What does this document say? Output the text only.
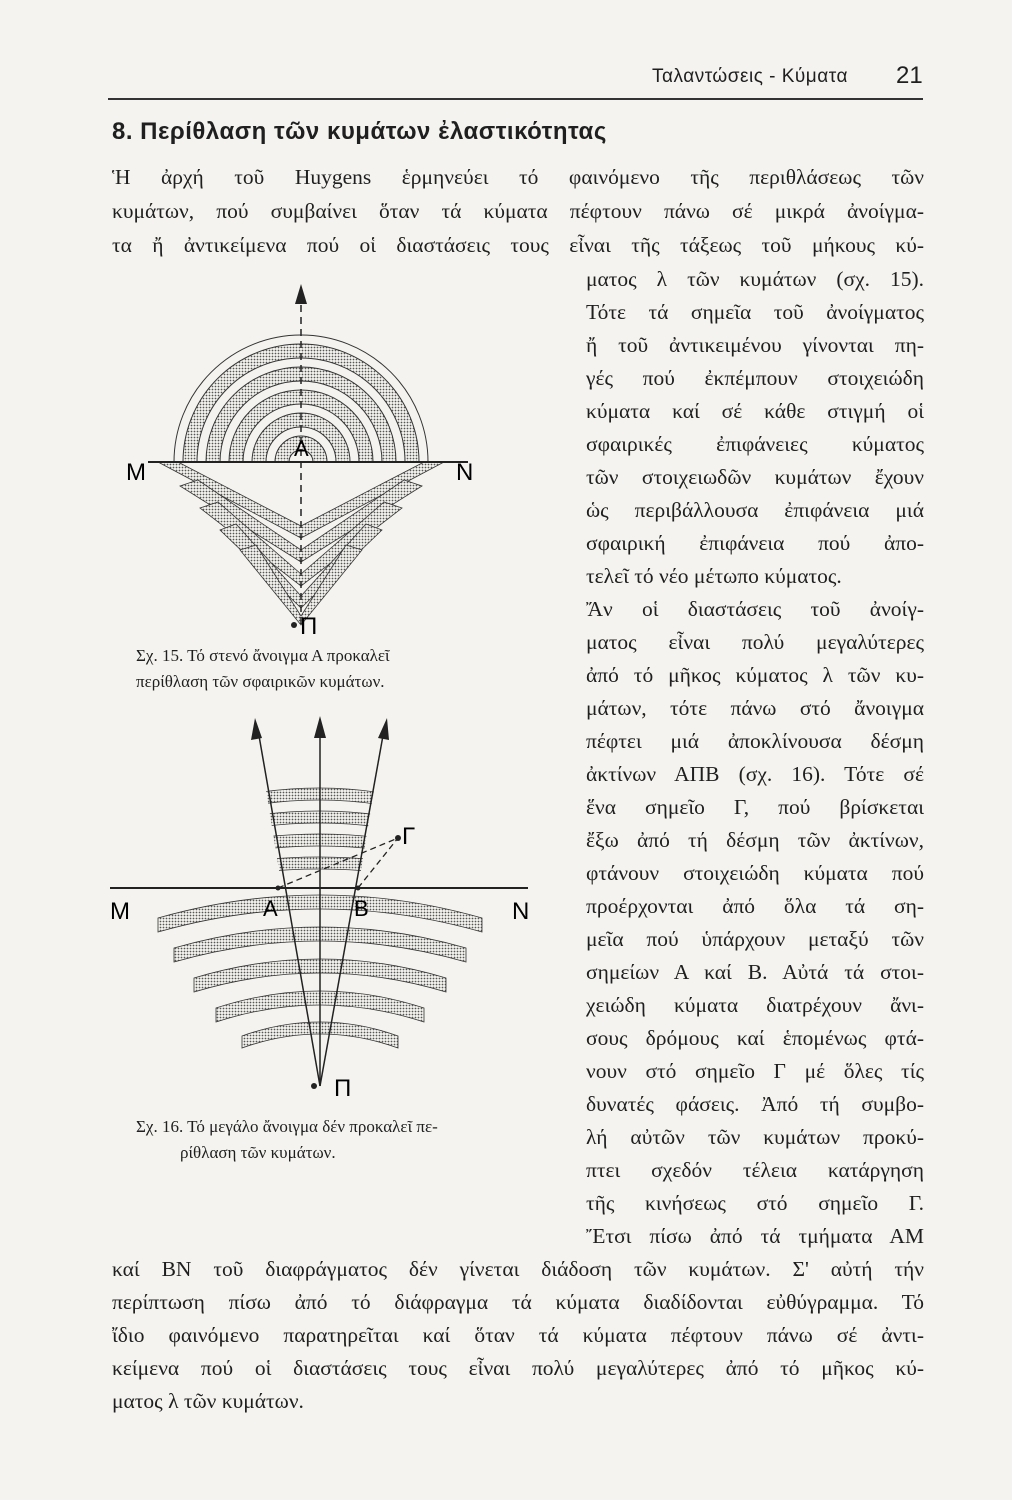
Ταλαντώσεις - Κύματα 21
8. Περίθλαση τῶν κυμάτων ἐλαστικότητας
Ἡ ἀρχή τοῦ Huygens ἑρμηνεύει τό φαινόμενο τῆς περιθλάσεως τῶν
κυμάτων, πού συμβαίνει ὅταν τά κύματα πέφτουν πάνω σέ μικρά ἀνοίγμα-
τα ἤ ἀντικείμενα πού οἱ διαστάσεις τους εἶναι τῆς τάξεως τοῦ μήκους κύ-
ματος λ τῶν κυμάτων (σχ. 15).
Τότε τά σημεῖα τοῦ ἀνοίγματος
ἤ τοῦ ἀντικειμένου γίνονται πη-
γές πού ἐκπέμπουν στοιχειώδη
κύματα καί σέ κάθε στιγμή οἱ
σφαιρικές ἐπιφάνειες κύματος
τῶν στοιχειωδῶν κυμάτων ἔχουν
ὡς περιβάλλουσα ἐπιφάνεια μιά
σφαιρική ἐπιφάνεια πού ἀπο-
τελεῖ τό νέο μέτωπο κύματος.
Ἄν οἱ διαστάσεις τοῦ ἀνοίγ-
ματος εἶναι πολύ μεγαλύτερες
ἀπό τό μῆκος κύματος λ τῶν κυ-
μάτων, τότε πάνω στό ἄνοιγμα
πέφτει μιά ἀποκλίνουσα δέσμη
ἀκτίνων ΑΠΒ (σχ. 16). Τότε σέ
ἕνα σημεῖο Γ, πού βρίσκεται
ἔξω ἀπό τή δέσμη τῶν ἀκτίνων,
φτάνουν στοιχειώδη κύματα πού
προέρχονται ἀπό ὅλα τά ση-
μεῖα πού ὑπάρχουν μεταξύ τῶν
σημείων Α καί Β. Αὐτά τά στοι-
χειώδη κύματα διατρέχουν ἄνι-
σους δρόμους καί ἑπομένως φτά-
νουν στό σημεῖο Γ μέ ὅλες τίς
δυνατές φάσεις. Ἀπό τή συμβο-
λή αὐτῶν τῶν κυμάτων προκύ-
πτει σχεδόν τέλεια κατάργηση
τῆς κινήσεως στό σημεῖο Γ.
Ἔτσι πίσω ἀπό τά τμήματα ΑΜ
καί ΒΝ τοῦ διαφράγματος δέν γίνεται διάδοση τῶν κυμάτων. Σ' αὐτή τήν
περίπτωση πίσω ἀπό τό διάφραγμα τά κύματα διαδίδονται εὐθύγραμμα. Τό
ἴδιο φαινόμενο παρατηρεῖται καί ὅταν τά κύματα πέφτουν πάνω σέ ἀντι-
κείμενα πού οἱ διαστάσεις τους εἶναι πολύ μεγαλύτερες ἀπό τό μῆκος κύ-
ματος λ τῶν κυμάτων.
Μ	Ν
Α
Π
Σχ. 15. Τό στενό ἄνοιγμα Α προκαλεῖ
περίθλαση τῶν σφαιρικῶν κυμάτων.
Μ	Ν
Α	Β
Γ
Π
Σχ. 16. Τό μεγάλο ἄνοιγμα δέν προκαλεῖ πε-
ρίθλαση τῶν κυμάτων.
